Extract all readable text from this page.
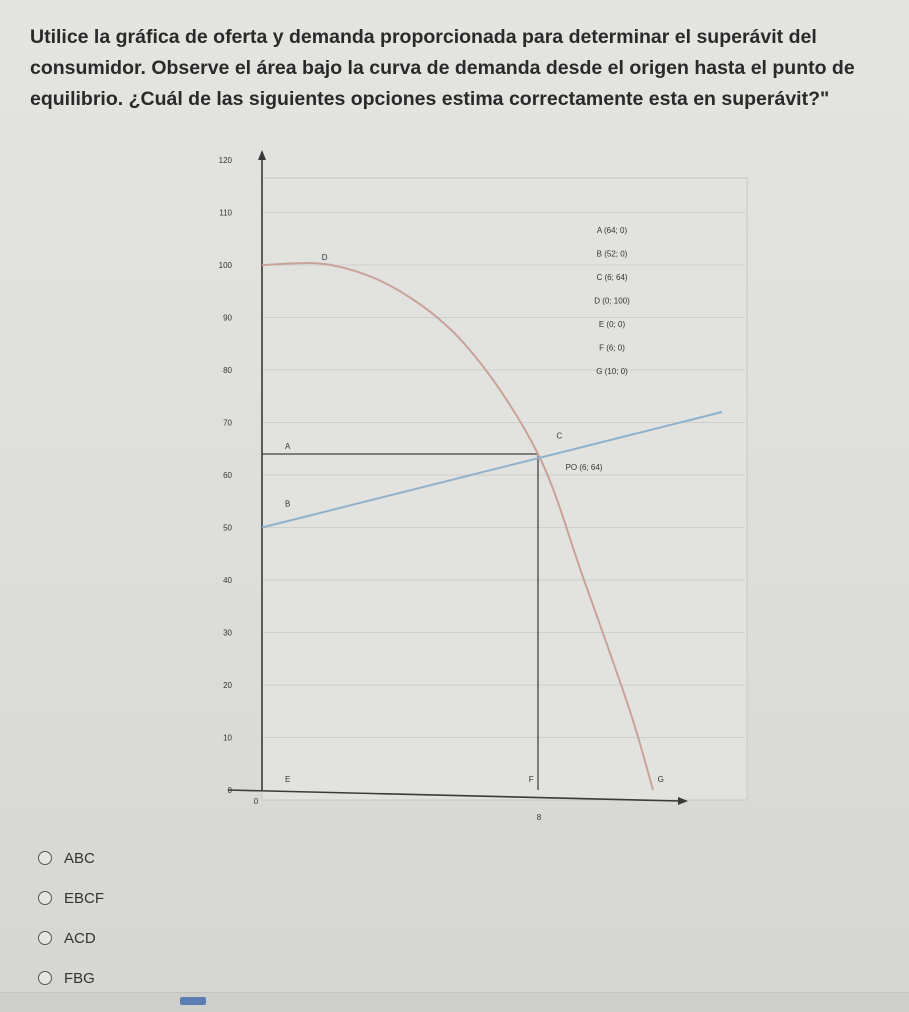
Utilice la gráfica de oferta y demanda proporcionada para determinar el superávit del consumidor. Observe el área bajo la curva de demanda desde el origen hasta el punto de equilibrio. ¿Cuál de las siguientes opciones estima correctamente esta en superávit?"

120
110
100
90
80
70
60
50
40
30
20
10
0
0
8
A
B
C
D
E	F	G
PO (6; 64)
A (64; 0)
B (52; 0)
C (6; 64)
D (0; 100)
E (0; 0)
F (6; 0)
G (10; 0)
ABC
EBCF
ACD
FBG
